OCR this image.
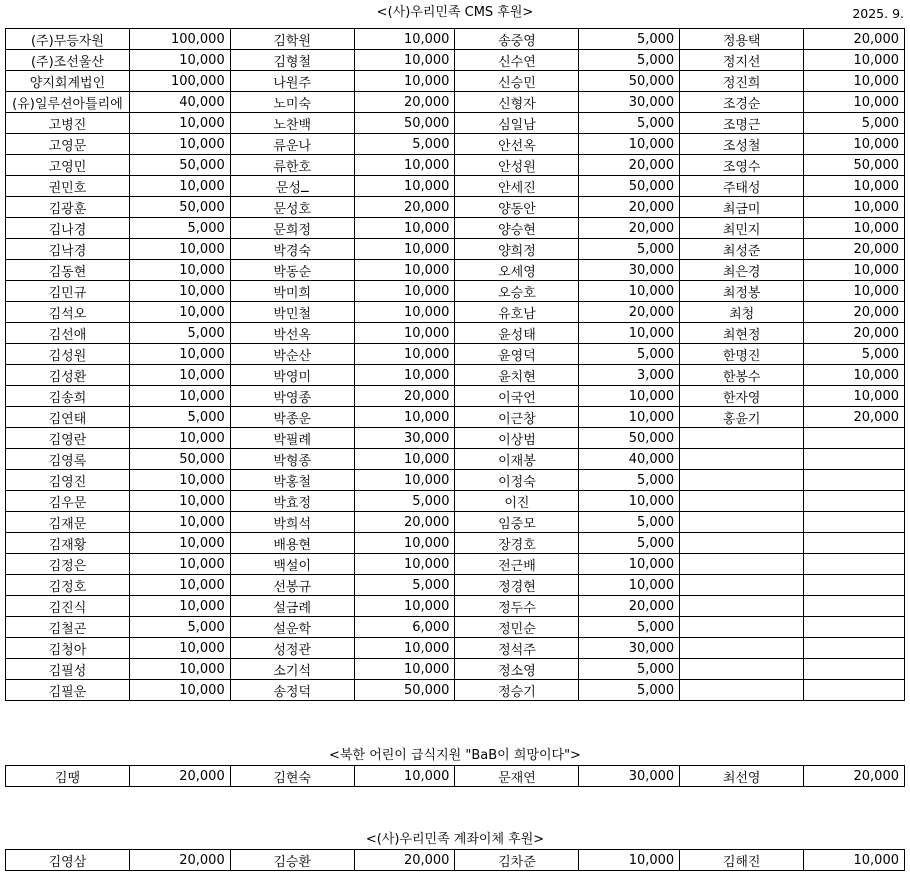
<(사)우리민족 CMS 후원>	2025. 9.
(주)무등자원	100,000	김학원	10,000	송중영	5,000	정용택	20,000
(주)조선울산	10,000	김형철	10,000	신수연	5,000	정지선	10,000
양지회계법인	100,000	나원주	10,000	신승민	50,000	정진희	10,000
(유)일루션아틀리에	40,000	노미숙	20,000	신형자	30,000	조경순	10,000
고병진	10,000	노찬백	50,000	심일남	5,000	조명근	5,000
고영문	10,000	류운나	5,000	안선옥	10,000	조성철	10,000
고영민	50,000	류한호	10,000	안성원	20,000	조영수	50,000
권민호	10,000	문성ــ	10,000	안세진	50,000	주태성	10,000
김광훈	50,000	문성호	20,000	양동안	20,000	최금미	10,000
김나경	5,000	문희정	10,000	양승현	20,000	최민지	10,000
김낙경	10,000	박경숙	10,000	양희정	5,000	최성준	20,000
김동현	10,000	박동순	10,000	오세영	30,000	최은경	10,000
김민규	10,000	박미희	10,000	오승호	10,000	최정봉	10,000
김석오	10,000	박민철	10,000	유호남	20,000	최청	20,000
김선애	5,000	박선옥	10,000	윤성태	10,000	최현정	20,000
김성원	10,000	박순산	10,000	윤영덕	5,000	한명진	5,000
김성환	10,000	박영미	10,000	윤치현	3,000	한봉수	10,000
김송희	10,000	박영종	20,000	이국언	10,000	한자영	10,000
김연태	5,000	박종운	10,000	이근창	10,000	홍윤기	20,000
김영란	10,000	박필례	30,000	이상범	50,000		
김영록	50,000	박형종	10,000	이재봉	40,000		
김영진	10,000	박홍철	10,000	이정숙	5,000		
김우문	10,000	박효정	5,000	이진	10,000		
김재문	10,000	박희석	20,000	임중모	5,000		
김재황	10,000	배용현	10,000	장경호	5,000		
김정은	10,000	백설이	10,000	전근배	10,000		
김정호	10,000	선봉규	5,000	정경현	10,000		
김진식	10,000	설금례	10,000	정두수	20,000		
김철곤	5,000	설운학	6,000	정민순	5,000		
김청아	10,000	성정관	10,000	정석주	30,000		
김필성	10,000	소기석	10,000	정소영	5,000		
김필운	10,000	송정덕	50,000	정승기	5,000		
<북한 어린이 급식지원 "BaB이 희망이다">
김땡	20,000	김현숙	10,000	문재연	30,000	최선영	20,000
<(사)우리민족 계좌이체 후원>
김영삼	20,000	김승환	20,000	김차준	10,000	김해진	10,000
